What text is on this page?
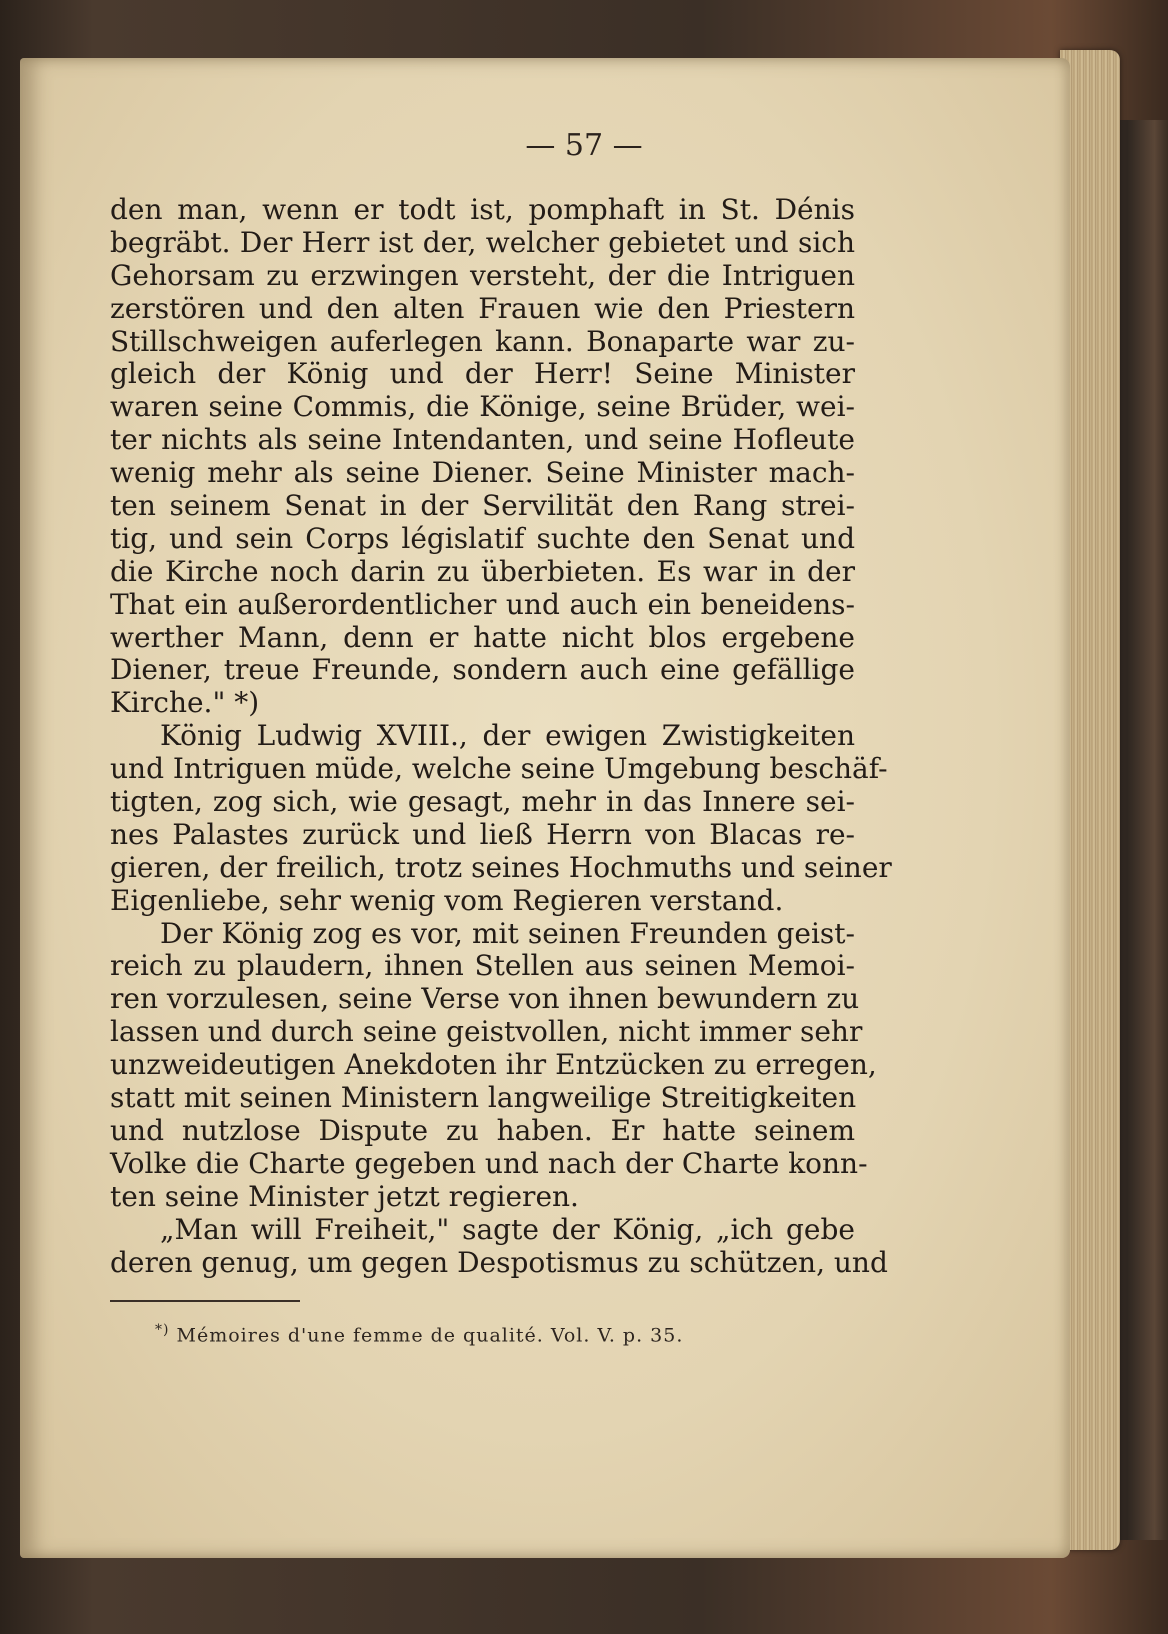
— 57 —
den man, wenn er todt ist, pomphaft in St. Dénis
begräbt. Der Herr ist der, welcher gebietet und sich
Gehorsam zu erzwingen versteht, der die Intriguen
zerstören und den alten Frauen wie den Priestern
Stillschweigen auferlegen kann. Bonaparte war zu-
gleich der König und der Herr! Seine Minister
waren seine Commis, die Könige, seine Brüder, wei-
ter nichts als seine Intendanten, und seine Hofleute
wenig mehr als seine Diener. Seine Minister mach-
ten seinem Senat in der Servilität den Rang strei-
tig, und sein Corps législatif suchte den Senat und
die Kirche noch darin zu überbieten. Es war in der
That ein außerordentlicher und auch ein beneidens-
werther Mann, denn er hatte nicht blos ergebene
Diener, treue Freunde, sondern auch eine gefällige
Kirche." *)
König Ludwig XVIII., der ewigen Zwistigkeiten
und Intriguen müde, welche seine Umgebung beschäf-
tigten, zog sich, wie gesagt, mehr in das Innere sei-
nes Palastes zurück und ließ Herrn von Blacas re-
gieren, der freilich, trotz seines Hochmuths und seiner
Eigenliebe, sehr wenig vom Regieren verstand.
Der König zog es vor, mit seinen Freunden geist-
reich zu plaudern, ihnen Stellen aus seinen Memoi-
ren vorzulesen, seine Verse von ihnen bewundern zu
lassen und durch seine geistvollen, nicht immer sehr
unzweideutigen Anekdoten ihr Entzücken zu erregen,
statt mit seinen Ministern langweilige Streitigkeiten
und nutzlose Dispute zu haben. Er hatte seinem
Volke die Charte gegeben und nach der Charte konn-
ten seine Minister jetzt regieren.
„Man will Freiheit," sagte der König, „ich gebe
deren genug, um gegen Despotismus zu schützen, und
*) Mémoires d'une femme de qualité. Vol. V. p. 35.
